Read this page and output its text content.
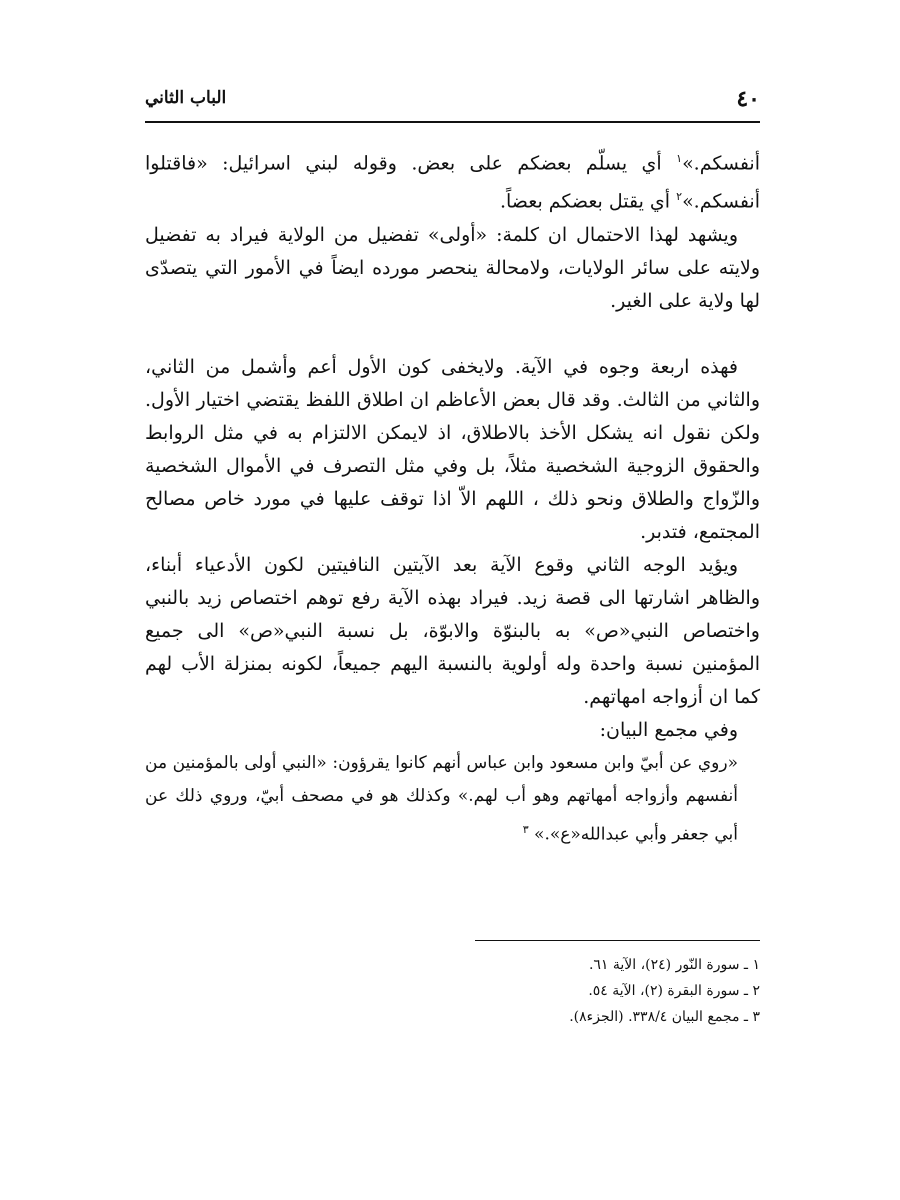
٤٠
الباب الثاني

أنفسكم.»$^١$ أي يسلّم بعضكم على بعض. وقوله لبني اسرائيل: «فاقتلوا أنفسكم.»$^٢$ أي يقتل بعضكم بعضاً.

ويشهد لهذا الاحتمال ان كلمة: «أولى» تفضيل من الولاية فيراد به تفضيل ولايته على سائر الولايات، ولامحالة ينحصر مورده ايضاً في الأمور التي يتصدّى لها ولاية على الغير.

فهذه اربعة وجوه في الآية. ولايخفى كون الأول أعم وأشمل من الثاني، والثاني من الثالث. وقد قال بعض الأعاظم ان اطلاق اللفظ يقتضي اختيار الأول. ولكن نقول انه يشكل الأخذ بالاطلاق، اذ لايمكن الالتزام به في مثل الروابط والحقوق الزوجية الشخصية مثلاً، بل وفي مثل التصرف في الأموال الشخصية والزّواج والطلاق ونحو ذلك ، اللهم الاّ اذا توقف عليها في مورد خاص مصالح المجتمع، فتدبر.

ويؤيد الوجه الثاني وقوع الآية بعد الآيتين النافيتين لكون الأدعياء أبناء، والظاهر اشارتها الى قصة زيد. فيراد بهذه الآية رفع توهم اختصاص زيد بالنبي واختصاص النبي«ص» به بالبنوّة والابوّة، بل نسبة النبي«ص» الى جميع المؤمنين نسبة واحدة وله أولوية بالنسبة اليهم جميعاً، لكونه بمنزلة الأب لهم كما ان أزواجه امهاتهم.

وفي مجمع البيان:

«روي عن أبيّ وابن مسعود وابن عباس أنهم كانوا يقرؤون: «النبي أولى بالمؤمنين من أنفسهم وأزواجه أمهاتهم وهو أب لهم.» وكذلك هو في مصحف أبيّ، وروي ذلك عن أبي جعفر وأبي عبدالله«ع».» $^٣$

١ ـ سورة النّور (٢٤)، الآية ٦١.
٢ ـ سورة البقرة (٢)، الآية ٥٤.
٣ ـ مجمع البيان ٣٣٨/٤. (الجزء٨).
